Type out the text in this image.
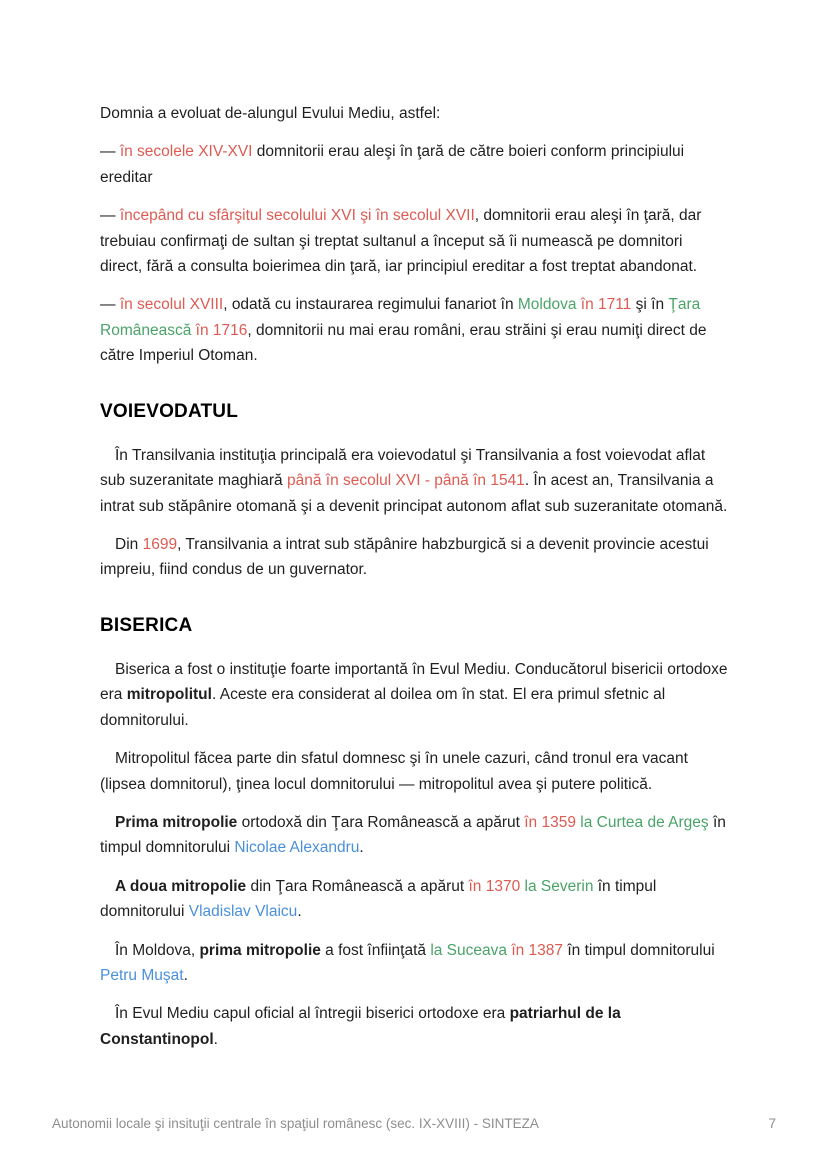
Domnia a evoluat de-alungul Evului Mediu, astfel:

— în secolele XIV-XVI domnitorii erau aleşi în ţară de către boieri conform principiului ereditar

— începând cu sfârşitul secolului XVI şi în secolul XVII, domnitorii erau aleşi în ţară, dar trebuiau confirmaţi de sultan şi treptat sultanul a început să îi numească pe domnitori direct, fără a consulta boierimea din ţară, iar principiul ereditar a fost treptat abandonat.

— în secolul XVIII, odată cu instaurarea regimului fanariot în Moldova în 1711 şi în Ţara Românească în 1716, domnitorii nu mai erau români, erau străini şi erau numiţi direct de către Imperiul Otoman.

VOIEVODATUL

În Transilvania instituţia principală era voievodatul şi Transilvania a fost voievodat aflat sub suzeranitate maghiară până în secolul XVI - până în 1541. În acest an, Transilvania a intrat sub stăpânire otomană şi a devenit principat autonom aflat sub suzeranitate otomană.

Din 1699, Transilvania a intrat sub stăpânire habzburgică si a devenit provincie acestui impreiu, fiind condus de un guvernator.

BISERICA

Biserica a fost o instituţie foarte importantă în Evul Mediu. Conducătorul bisericii ortodoxe era mitropolitul. Aceste era considerat al doilea om în stat. El era primul sfetnic al domnitorului.

Mitropolitul făcea parte din sfatul domnesc şi în unele cazuri, când tronul era vacant (lipsea domnitorul), ţinea locul domnitorului — mitropolitul avea şi putere politică.

Prima mitropolie ortodoxă din Ţara Românească a apărut în 1359 la Curtea de Argeş în timpul domnitorului Nicolae Alexandru.

A doua mitropolie din Ţara Românească a apărut în 1370 la Severin în timpul domnitorului Vladislav Vlaicu.

În Moldova, prima mitropolie a fost înfiinţată la Suceava în 1387 în timpul domnitorului Petru Muşat.

În Evul Mediu capul oficial al întregii biserici ortodoxe era patriarhul de la Constantinopol.

Autonomii locale şi insituţii centrale în spaţiul românesc (sec. IX-XVIII) - SINTEZA	7
